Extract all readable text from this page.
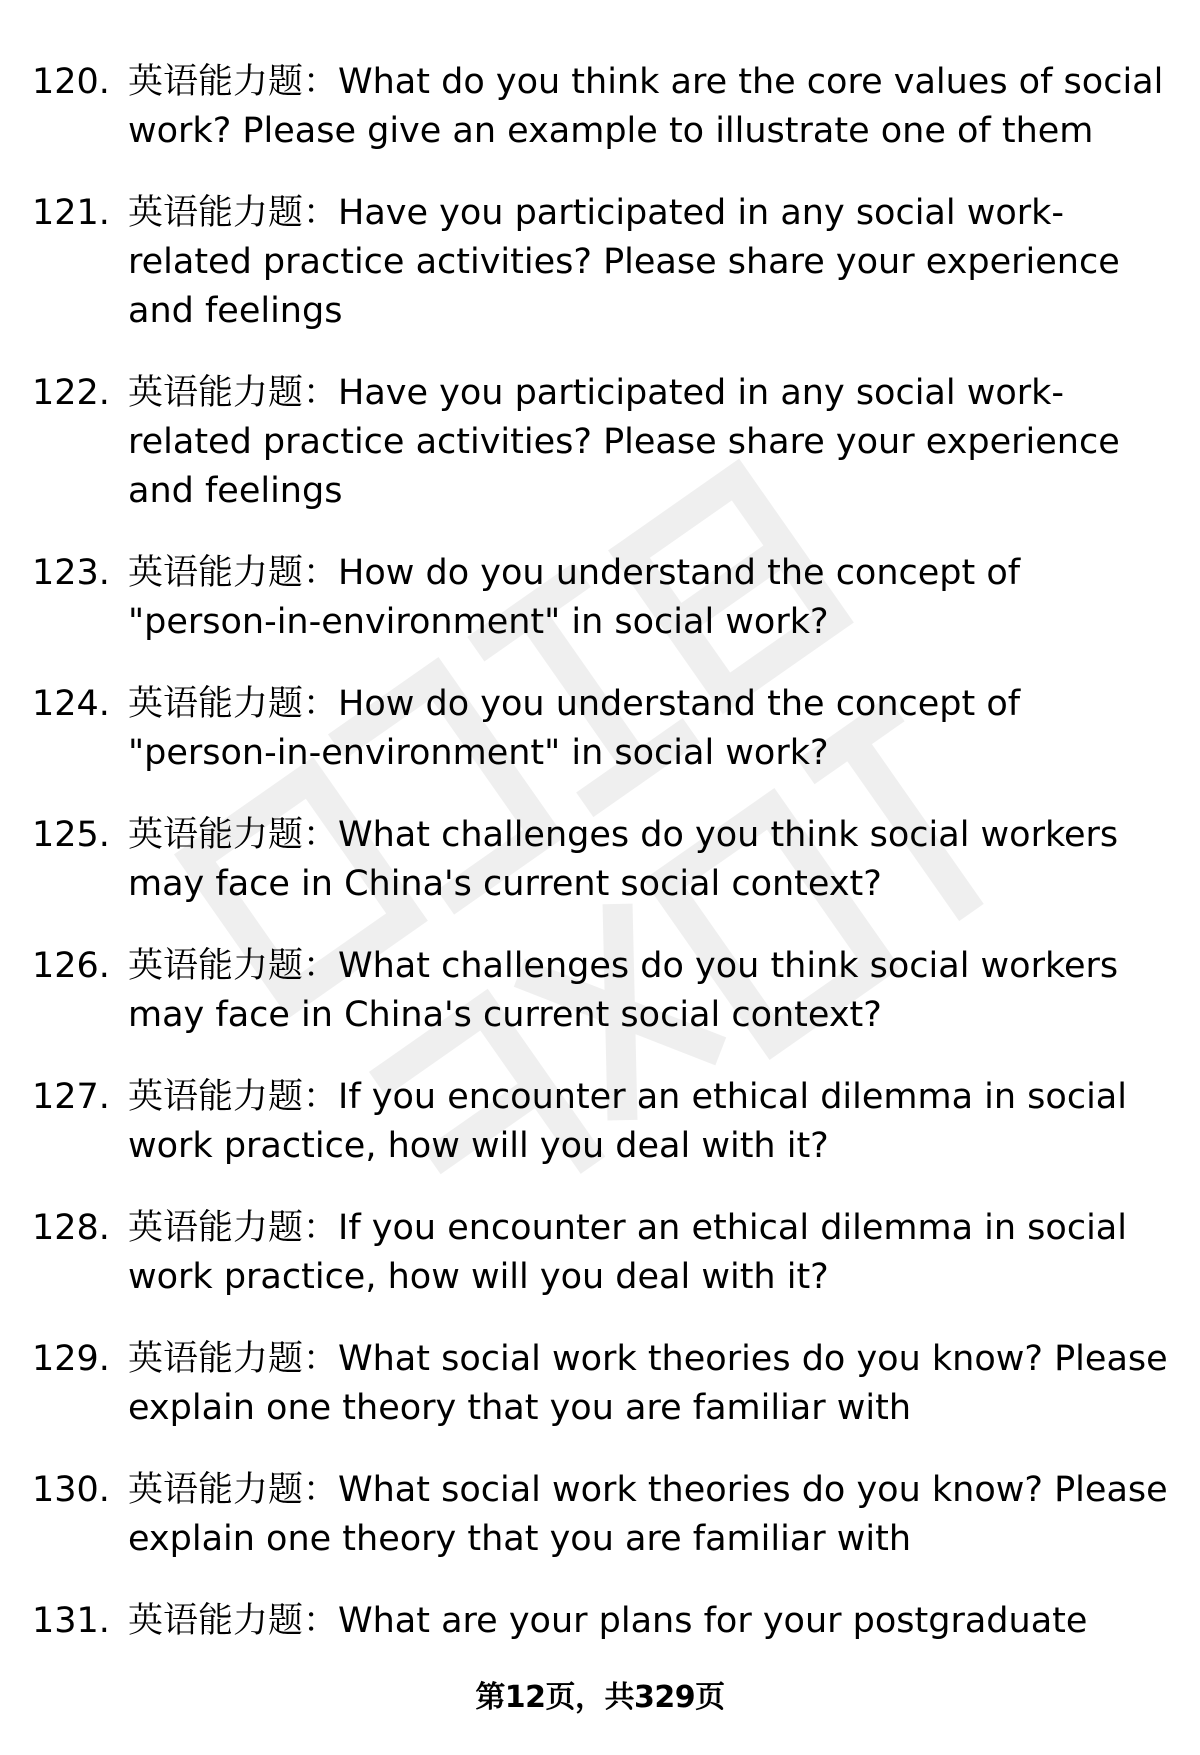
120. 英语能力题：What do you think are the core values of social work? Please give an example to illustrate one of them
121. 英语能力题：Have you participated in any social work-related practice activities? Please share your experience and feelings
122. 英语能力题：Have you participated in any social work-related practice activities? Please share your experience and feelings
123. 英语能力题：How do you understand the concept of "person-in-environment" in social work?
124. 英语能力题：How do you understand the concept of "person-in-environment" in social work?
125. 英语能力题：What challenges do you think social workers may face in China's current social context?
126. 英语能力题：What challenges do you think social workers may face in China's current social context?
127. 英语能力题：If you encounter an ethical dilemma in social work practice, how will you deal with it?
128. 英语能力题：If you encounter an ethical dilemma in social work practice, how will you deal with it?
129. 英语能力题：What social work theories do you know? Please explain one theory that you are familiar with
130. 英语能力题：What social work theories do you know? Please explain one theory that you are familiar with
131. 英语能力题：What are your plans for your postgraduate
第12页，共329页
